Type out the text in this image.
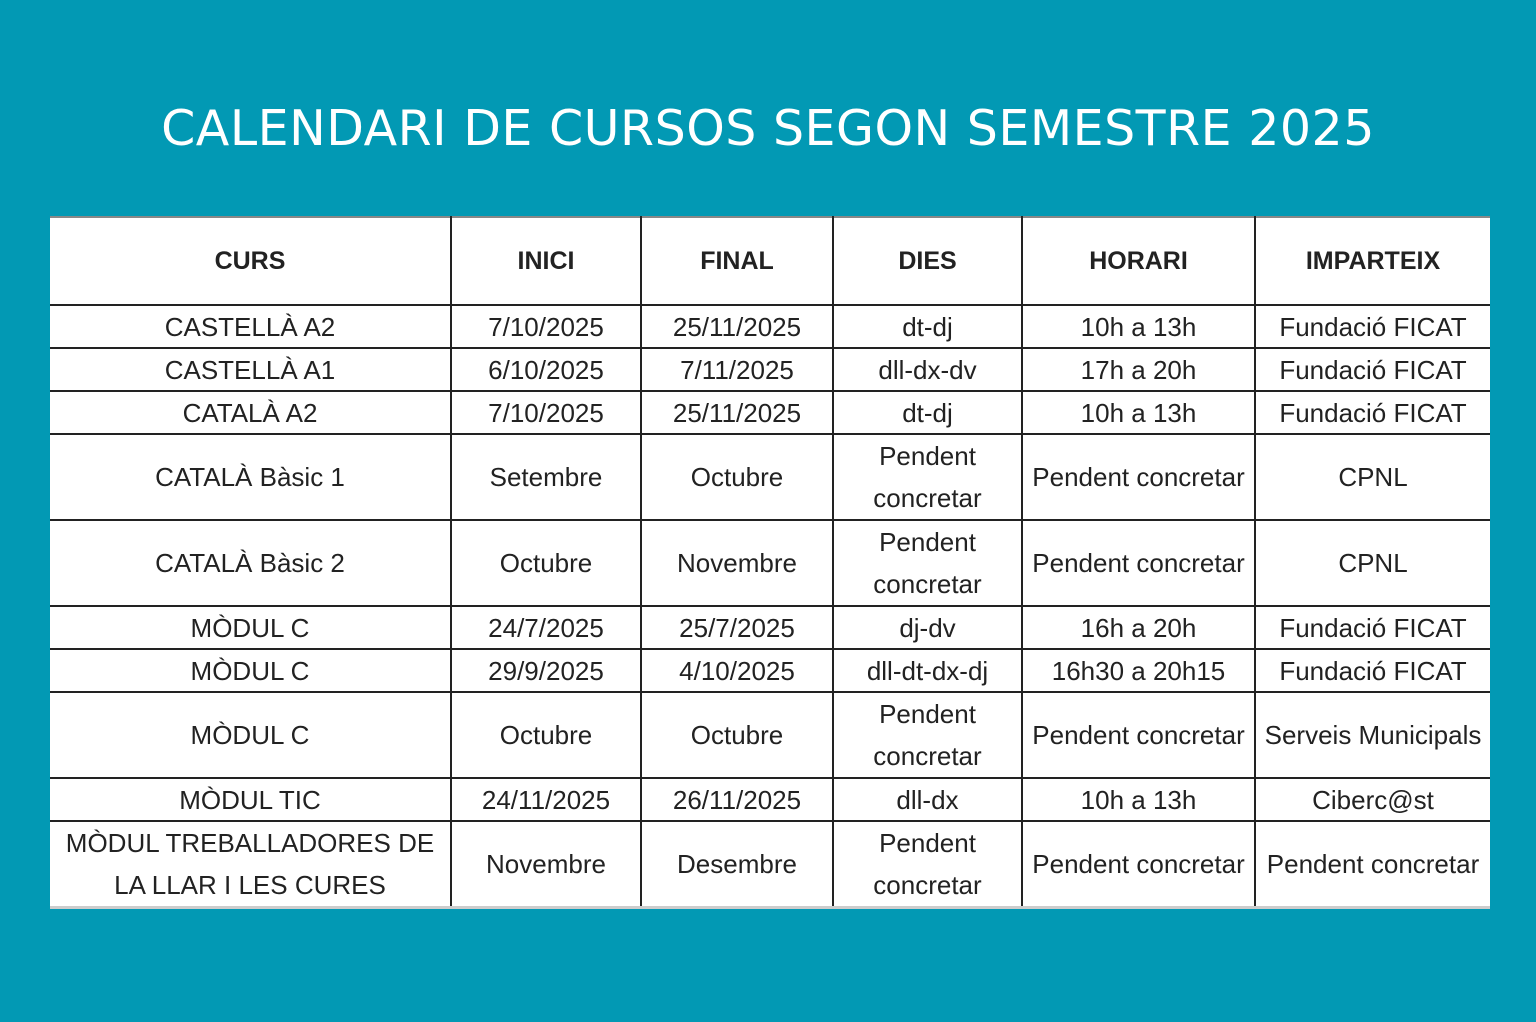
CALENDARI DE CURSOS SEGON SEMESTRE 2025
CURS	INICI	FINAL	DIES	HORARI	IMPARTEIX
CASTELLÀ A2	7/10/2025	25/11/2025	dt-dj	10h a 13h	Fundació FICAT
CASTELLÀ A1	6/10/2025	7/11/2025	dll-dx-dv	17h a 20h	Fundació FICAT
CATALÀ A2	7/10/2025	25/11/2025	dt-dj	10h a 13h	Fundació FICAT
CATALÀ Bàsic 1	Setembre	Octubre	Pendent concretar	Pendent concretar	CPNL
CATALÀ Bàsic 2	Octubre	Novembre	Pendent concretar	Pendent concretar	CPNL
MÒDUL C	24/7/2025	25/7/2025	dj-dv	16h a 20h	Fundació FICAT
MÒDUL C	29/9/2025	4/10/2025	dll-dt-dx-dj	16h30 a 20h15	Fundació FICAT
MÒDUL C	Octubre	Octubre	Pendent concretar	Pendent concretar	Serveis Municipals
MÒDUL TIC	24/11/2025	26/11/2025	dll-dx	10h a 13h	Ciberc@st
MÒDUL TREBALLADORES DE LA LLAR I LES CURES	Novembre	Desembre	Pendent concretar	Pendent concretar	Pendent concretar
